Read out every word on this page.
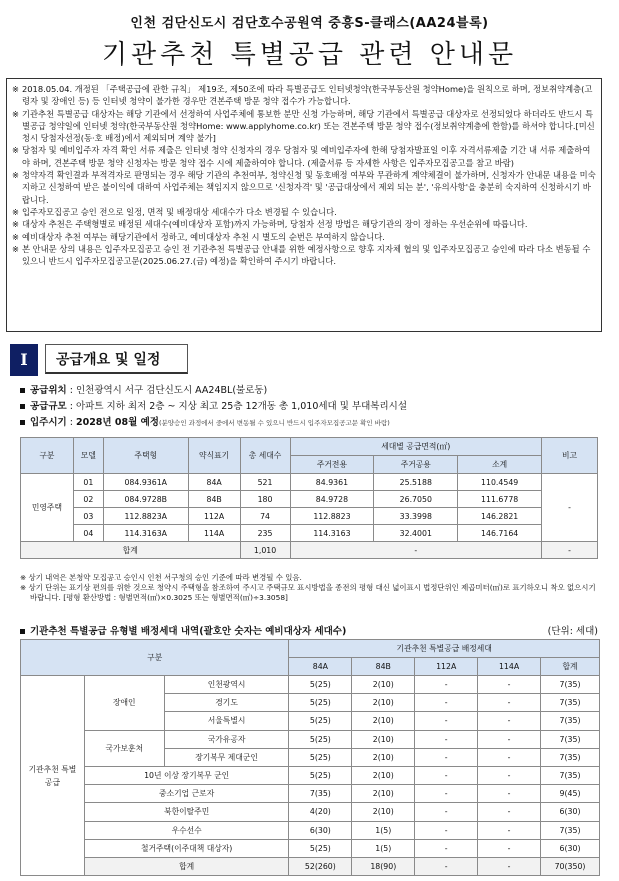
인천 검단신도시 검단호수공원역 중흥S-클래스(AA24블록)
기관추천 특별공급 관련 안내문

※ 2018.05.04. 개정된 「주택공급에 관한 규칙」 제19조, 제50조에 따라 특별공급도 인터넷청약(한국부동산원 청약Home)을 원칙으로 하며, 정보취약계층(고령자 및 장애인 등) 등 인터넷 청약이 불가한 경우만 견본주택 방문 청약 접수가 가능합니다.

※ 기관추천 특별공급 대상자는 해당 기관에서 선정하여 사업주체에 통보한 분만 신청 가능하며, 해당 기관에서 특별공급 대상자로 선정되었다 하더라도 반드시 특별공급 청약일에 인터넷 청약(한국부동산원 청약Home: www.applyhome.co.kr) 또는 견본주택 방문 청약 접수(정보취약계층에 한함)를 하셔야 합니다.[미신청시 당첨자선정(동·호 배정)에서 제외되며 계약 불가]

※ 당첨자 및 예비입주자 자격 확인 서류 제출은 인터넷 청약 신청자의 경우 당첨자 및 예비입주자에 한해 당첨자발표일 이후 자격서류제출 기간 내 서류 제출하여야 하며, 견본주택 방문 청약 신청자는 방문 청약 접수 시에 제출하여야 합니다. (제출서류 등 자세한 사항은 입주자모집공고를 참고 바람)

※ 청약자격 확인결과 부적격자로 판명되는 경우 해당 기관의 추천여부, 청약신청 및 동호배정 여부와 무관하게 계약체결이 불가하며, 신청자가 안내문 내용을 미숙지하고 신청하여 받은 불이익에 대하여 사업주체는 책임지지 않으므로 '신청자격' 및 '공급대상에서 제외 되는 분', '유의사항'을 충분히 숙지하여 신청하시기 바랍니다.

※ 입주자모집공고 승인 전으로 일정, 면적 및 배정대상 세대수가 다소 변경될 수 있습니다.

※ 대상자 추천은 주택형별로 배정된 세대수(예비대상자 포함)까지 가능하며, 당첨자 선정 방법은 해당기관의 장이 정하는 우선순위에 따릅니다.

※ 예비대상자 추천 여부는 해당기관에서 정하고, 예비대상자 추천 시 별도의 순번은 부여하지 않습니다.

※ 본 안내문 상의 내용은 입주자모집공고 승인 전 기관추천 특별공급 안내를 위한 예정사항으로 향후 지자체 협의 및 입주자모집공고 승인에 따라 다소 변동될 수 있으니 반드시 입주자모집공고문(2025.06.27.(금) 예정)을 확인하여 주시기 바랍니다.

I	공급개요 및 일정
공급위치 : 인천광역시 서구 검단신도시 AA24BL(불로동)
공급규모 : 아파트 지하 최저 2층 ~ 지상 최고 25층 12개동 총 1,010세대 및 부대복리시설
입주시기 : 2028년 08월 예정(분양승인 과정에서 중에서 변동될 수 있으니 반드시 입주자모집공고문 확인 바람)
구분	모델	주택형	약식표기	총 세대수	세대별 공급면적(㎡)			비고
					주거전용	주거공용	소계	
민영주택	01	084.9361A	84A	521	84.9361	25.5188	110.4549	-
	02	084.9728B	84B	180	84.9728	26.7050	111.6778	
	03	112.8823A	112A	74	112.8823	33.3998	146.2821	
	04	114.3163A	114A	235	114.3163	32.4001	146.7164	
합계				1,010	-			-

※ 상기 내역은 본청약 모집공고 승인시 인천 서구청의 승인 기준에 따라 변경될 수 있음.

※ 상기 단위는 표기상 편의를 위한 것으로 청약시 주택형을 참조하여 주시고 주택규모 표시방법을 종전의 평형 대신 넓이표시 법정단위인 제곱미터(㎡)로 표기하오니 착오 없으시기 바랍니다. [평형 환산방법 : 형별면적(㎡)×0.3025 또는 형별면적(㎡)÷3.3058]

기관추천 특별공급 유형별 배정세대 내역(괄호안 숫자는 예비대상자 세대수)	(단위: 세대)
구분			기관추천 특별공급 배정세대				
			84A	84B	112A	114A	합계
기관추천 특별공급	장애인	인천광역시	5(25)	2(10)	-	-	7(35)
		경기도	5(25)	2(10)	-	-	7(35)
		서울특별시	5(25)	2(10)	-	-	7(35)
	국가보훈처	국가유공자	5(25)	2(10)	-	-	7(35)
		장기복무 제대군인	5(25)	2(10)	-	-	7(35)
	10년 이상 장기복무 군인		5(25)	2(10)	-	-	7(35)
	중소기업 근로자		7(35)	2(10)	-	-	9(45)
	북한이탈주민		4(20)	2(10)	-	-	6(30)
	우수선수		6(30)	1(5)	-	-	7(35)
	철거주택(이주대책 대상자)		5(25)	1(5)	-	-	6(30)
	합계		52(260)	18(90)	-	-	70(350)
